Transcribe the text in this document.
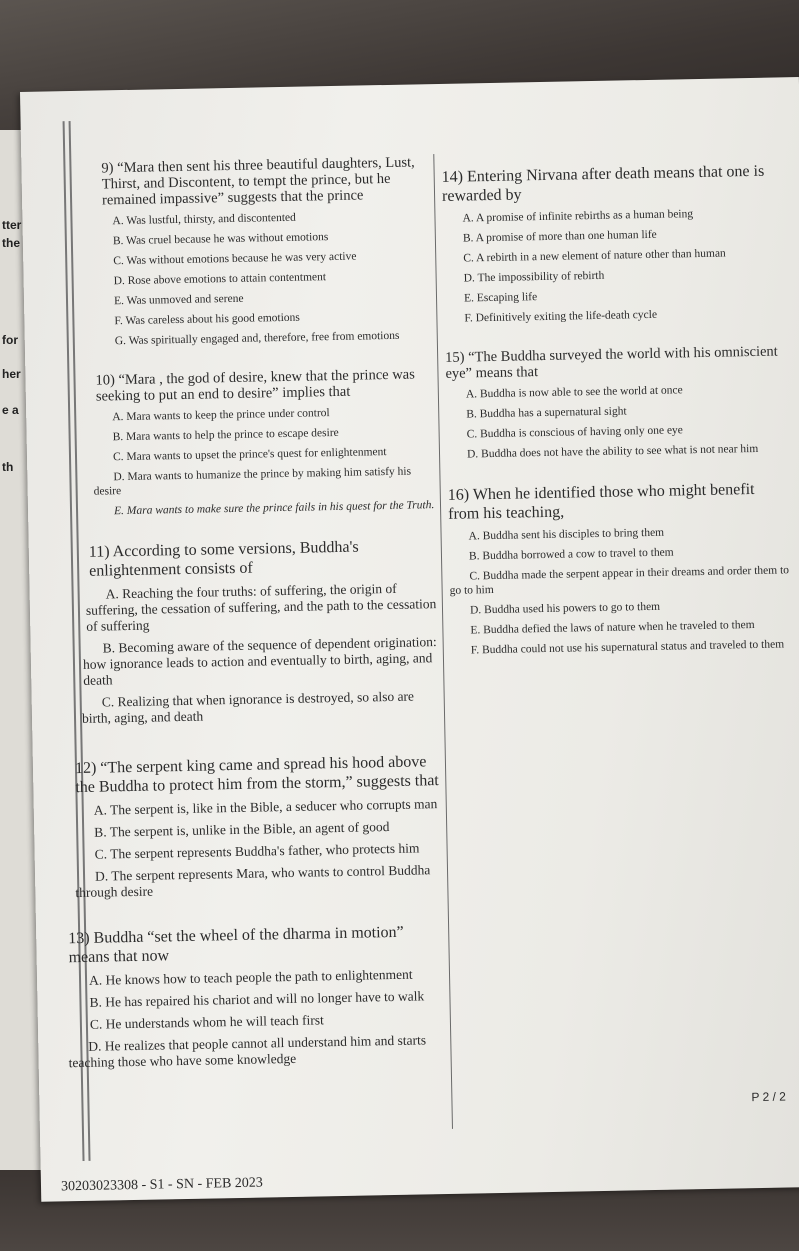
tter
the
for
her
e a
th

9) “Mara then sent his three beautiful daughters, Lust, Thirst, and Discontent, to tempt the prince, but he remained impassive” suggests that the prince

A. Was lustful, thirsty, and discontented

B. Was cruel because he was without emotions

C. Was without emotions because he was very active

D. Rose above emotions to attain contentment

E. Was unmoved and serene

F. Was careless about his good emotions

G. Was spiritually engaged and, therefore, free from emotions

10) “Mara , the god of desire, knew that the prince was seeking to put an end to desire” implies that

A. Mara wants to keep the prince under control

B. Mara wants to help the prince to escape desire

C. Mara wants to upset the prince's quest for enlightenment

D. Mara wants to humanize the prince by making him satisfy his desire

E. Mara wants to make sure the prince fails in his quest for the Truth.

11) According to some versions, Buddha's enlightenment consists of

A. Reaching the four truths: of suffering, the origin of suffering, the cessation of suffering, and the path to the cessation of suffering

B. Becoming aware of the sequence of dependent origination: how ignorance leads to action and eventually to birth, aging, and death

C. Realizing that when ignorance is destroyed, so also are birth, aging, and death

12) “The serpent king came and spread his hood above the Buddha to protect him from the storm,” suggests that

A. The serpent is, like in the Bible, a seducer who corrupts man

B. The serpent is, unlike in the Bible, an agent of good

C. The serpent represents Buddha's father, who protects him

D. The serpent represents Mara, who wants to control Buddha through desire

13) Buddha “set the wheel of the dharma in motion” means that now

A. He knows how to teach people the path to enlightenment

B. He has repaired his chariot and will no longer have to walk

C. He understands whom he will teach first

D. He realizes that people cannot all understand him and starts teaching those who have some knowledge

14) Entering Nirvana after death means that one is rewarded by

A. A promise of infinite rebirths as a human being

B. A promise of more than one human life

C. A rebirth in a new element of nature other than human

D. The impossibility of rebirth

E. Escaping life

F. Definitively exiting the life-death cycle

15) “The Buddha surveyed the world with his omniscient eye” means that

A. Buddha is now able to see the world at once

B. Buddha has a supernatural sight

C. Buddha is conscious of having only one eye

D. Buddha does not have the ability to see what is not near him

16) When he identified those who might benefit from his teaching,

A. Buddha sent his disciples to bring them

B. Buddha borrowed a cow to travel to them

C. Buddha made the serpent appear in their dreams and order them to go to him

D. Buddha used his powers to go to them

E. Buddha defied the laws of nature when he traveled to them

F. Buddha could not use his supernatural status and traveled to them

P 2 / 2
30203023308 - S1 - SN - FEB 2023
